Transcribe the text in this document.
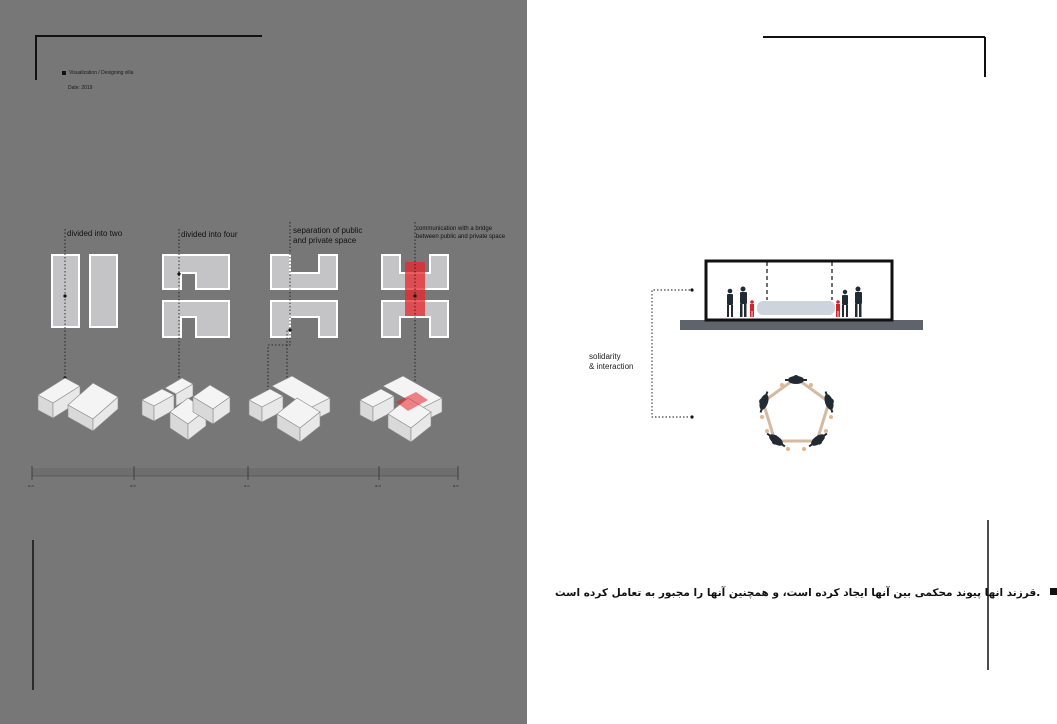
Visualization / Designing villa
Date: 2019
divided into two	divided into four	separation of public
and private space
communication with a bridge
between public and private space
a-a	a-b	a-c	a-d	a-e
solidarity
& interaction
قرزند انها پیوند محکمی بین آنها ایجاد کرده است، و همچنین آنها را مجبور به تعامل کرده است.
